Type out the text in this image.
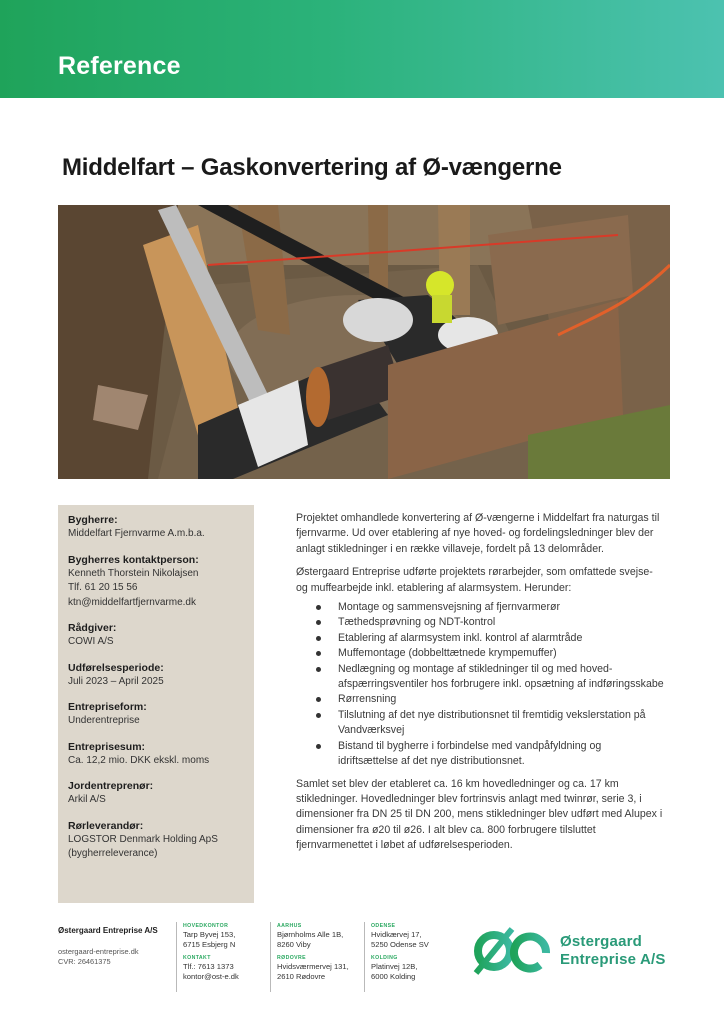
Reference
Middelfart – Gaskonvertering af Ø-vængerne
Bygherre:
Middelfart Fjernvarme A.m.b.a.
Bygherres kontaktperson:
Kenneth Thorstein Nikolajsen
Tlf. 61 20 15 56
ktn@middelfartfjernvarme.dk
Rådgiver:
COWI A/S
Udførelsesperiode:
Juli 2023 – April 2025
Entrepriseform:
Underentreprise
Entreprisesum:
Ca. 12,2 mio. DKK ekskl. moms
Jordentreprenør:
Arkil A/S
Rørleverandør:
LOGSTOR Denmark Holding ApS
(bygherreleverance)

Projektet omhandlede konvertering af Ø-vængerne i Middelfart fra naturgas til fjernvarme. Ud over etablering af nye hoved- og fordelingsledninger blev der anlagt stikledninger i en række villaveje, fordelt på 13 delområder.

Østergaard Entreprise udførte projektets rørarbejder, som omfattede svejse- og muffearbejde inkl. etablering af alarmsystem. Herunder:

Montage og sammensvejsning af fjernvarmerør
Tæthedsprøvning og NDT-kontrol
Etablering af alarmsystem inkl. kontrol af alarmtråde
Muffemontage (dobbelttætnede krympemuffer)
Nedlægning og montage af stikledninger til og med hoved-afspærringsventiler hos forbrugere inkl. opsætning af indføringsskabe
Rørrensning
Tilslutning af det nye distributionsnet til fremtidig vekslerstation på Vandværksvej
Bistand til bygherre i forbindelse med vandpåfyldning og idriftsættelse af det nye distributionsnet.

Samlet set blev der etableret ca. 16 km hovedledninger og ca. 17 km stikledninger. Hovedledninger blev fortrinsvis anlagt med twinrør, serie 3, i dimensioner fra DN 25 til DN 200, mens stikledninger blev udført med Alupex i dimensioner fra ø20 til ø26. I alt blev ca. 800 forbrugere tilsluttet fjernvarmenettet i løbet af udførelsesperioden.

Østergaard Entreprise A/S
ostergaard-entreprise.dk
CVR: 26461375
HOVEDKONTOR
Tarp Byvej 153,
6715 Esbjerg N
KONTAKT
Tlf.: 7613 1373
kontor@ost-e.dk
AARHUS
Bjørnholms Alle 1B,
8260 Viby
RØDOVRE
Hvidsværmervej 131,
2610 Rødovre
ODENSE
Hvidkærvej 17,
5250 Odense SV
KOLDING
Platinvej 12B,
6000 Kolding
Østergaard
Entreprise A/S
